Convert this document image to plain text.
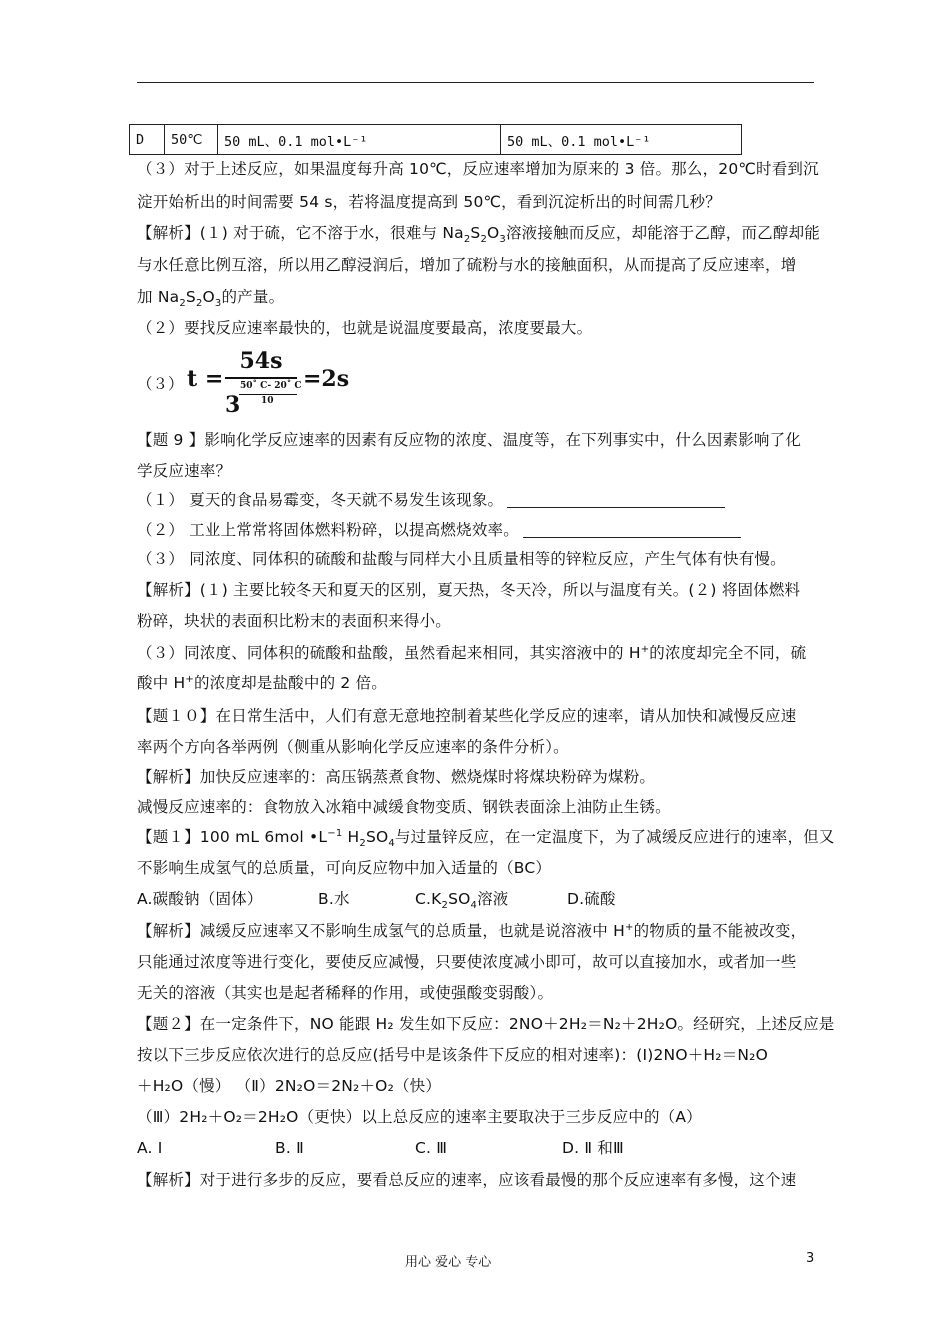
D	50℃	50 mL、0.1 mol•L⁻¹	50 mL、0.1 mol•L⁻¹
（３）对于上述反应，如果温度每升高 10℃，反应速率增加为原来的 3 倍。那么，20℃时看到沉
淀开始析出的时间需要 54 s，若将温度提高到 50℃，看到沉淀析出的时间需几秒？
【解析】(１) 对于硫，它不溶于水，很难与 $Na_2S_2O_3$溶液接触而反应，却能溶于乙醇，而乙醇却能
与水任意比例互溶，所以用乙醇浸润后，增加了硫粉与水的接触面积，从而提高了反应速率，增
加 $Na_2S_2O_3$的产量。
（２）要找反应速率最快的，也就是说温度要最高，浓度要最大。
（３） t =
54s
3
50˚ C- 20˚ C
10
=2s
【题 9 】影响化学反应速率的因素有反应物的浓度、温度等，在下列事实中，什么因素影响了化
学反应速率？
（１） 夏天的食品易霉变，冬天就不易发生该现象。
（２） 工业上常常将固体燃料粉碎，以提高燃烧效率。
（３） 同浓度、同体积的硫酸和盐酸与同样大小且质量相等的锌粒反应，产生气体有快有慢。
【解析】(１) 主要比较冬天和夏天的区别，夏天热，冬天冷，所以与温度有关。(２) 将固体燃料
粉碎，块状的表面积比粉末的表面积来得小。
（３）同浓度、同体积的硫酸和盐酸，虽然看起来相同，其实溶液中的 H+的浓度却完全不同，硫
酸中 H+的浓度却是盐酸中的 2 倍。
【题１０】在日常生活中，人们有意无意地控制着某些化学反应的速率，请从加快和减慢反应速
率两个方向各举两例（侧重从影响化学反应速率的条件分析）。
【解析】加快反应速率的：高压锅蒸煮食物、燃烧煤时将煤块粉碎为煤粉。
减慢反应速率的：食物放入冰箱中减缓食物变质、钢铁表面涂上油防止生锈。
【题１】100 mL 6mol $•L^{-1}$ $H_2SO_4$与过量锌反应，在一定温度下，为了减缓反应进行的速率，但又
不影响生成氢气的总质量，可向反应物中加入适量的（BC）
A.碳酸钠（固体）	B.水	$C.K_2SO_4$溶液	D.硫酸
【解析】减缓反应速率又不影响生成氢气的总质量，也就是说溶液中 H+的物质的量不能被改变，
只能通过浓度等进行变化，要使反应减慢，只要使浓度减小即可，故可以直接加水，或者加一些
无关的溶液（其实也是起者稀释的作用，或使强酸变弱酸）。
【题２】在一定条件下，NO 能跟 H₂ 发生如下反应：2NO＋2H₂＝N₂＋2H₂O。经研究，上述反应是
按以下三步反应依次进行的总反应(括号中是该条件下反应的相对速率)：(Ⅰ)2NO＋H₂＝N₂O
＋H₂O（慢） （Ⅱ）2N₂O＝2N₂＋O₂（快）
（Ⅲ）2H₂＋O₂＝2H₂O（更快）以上总反应的速率主要取决于三步反应中的（A）
A. Ⅰ	B. Ⅱ	C. Ⅲ	D. Ⅱ 和Ⅲ
【解析】对于进行多步的反应，要看总反应的速率，应该看最慢的那个反应速率有多慢，这个速
用心 爱心 专心	3
